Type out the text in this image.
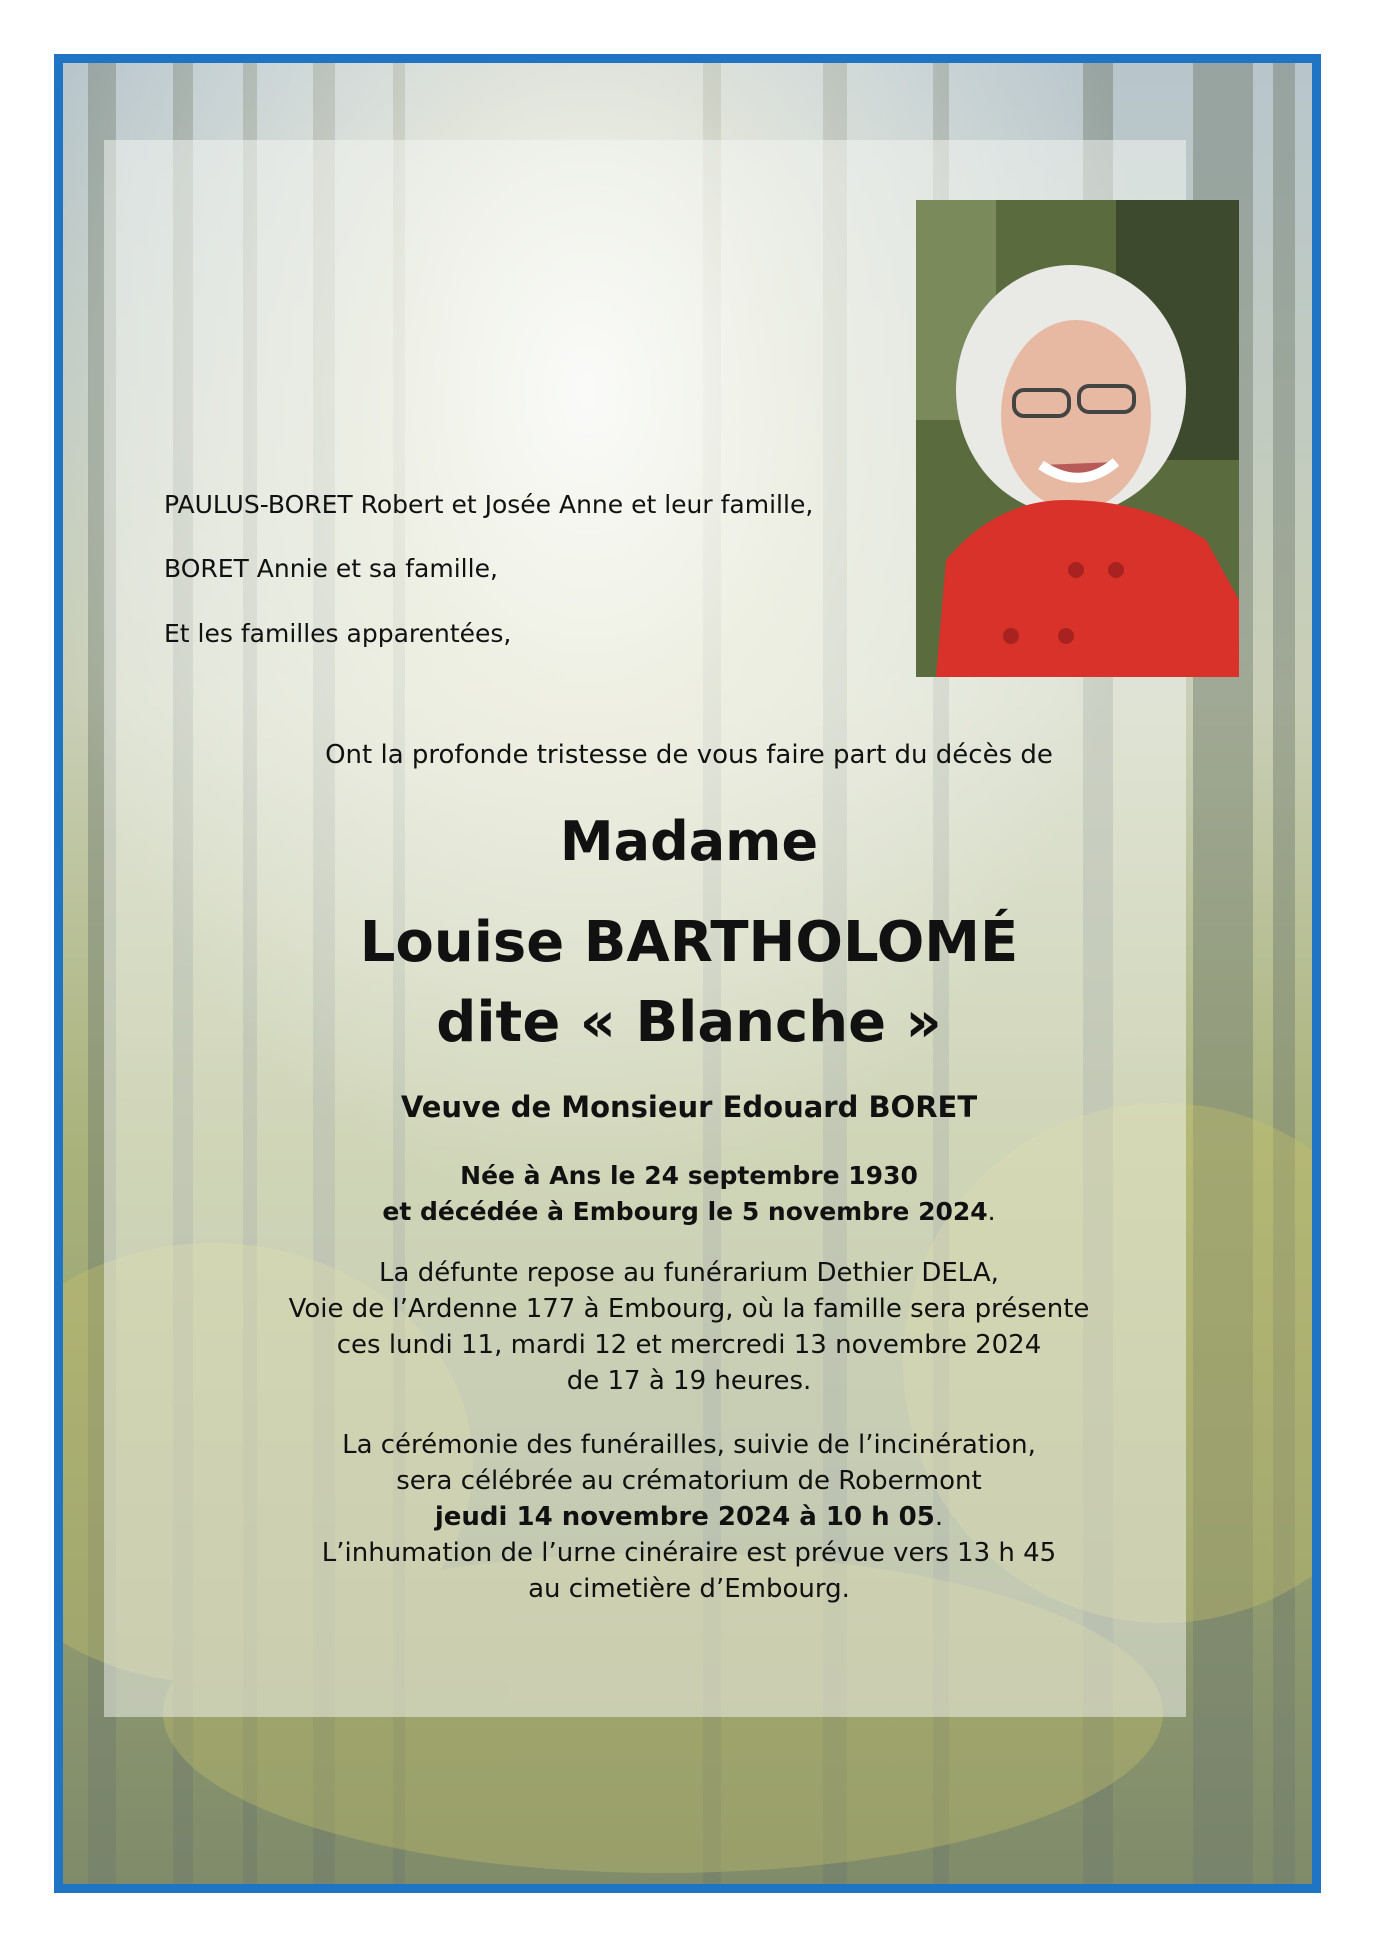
PAULUS-BORET Robert et Josée Anne et leur famille,
BORET Annie et sa famille,
Et les familles apparentées,
Ont la profonde tristesse de vous faire part du décès de
Madame
Louise BARTHOLOMÉ
dite « Blanche »
Veuve de Monsieur Edouard BORET
Née à Ans le 24 septembre 1930
et décédée à Embourg le 5 novembre 2024.
La défunte repose au funérarium Dethier DELA,
Voie de l’Ardenne 177 à Embourg, où la famille sera présente
ces lundi 11, mardi 12 et mercredi 13 novembre 2024
de 17 à 19 heures.
La cérémonie des funérailles, suivie de l’incinération,
sera célébrée au crématorium de Robermont
jeudi 14 novembre 2024 à 10 h 05.
L’inhumation de l’urne cinéraire est prévue vers 13 h 45
au cimetière d’Embourg.
